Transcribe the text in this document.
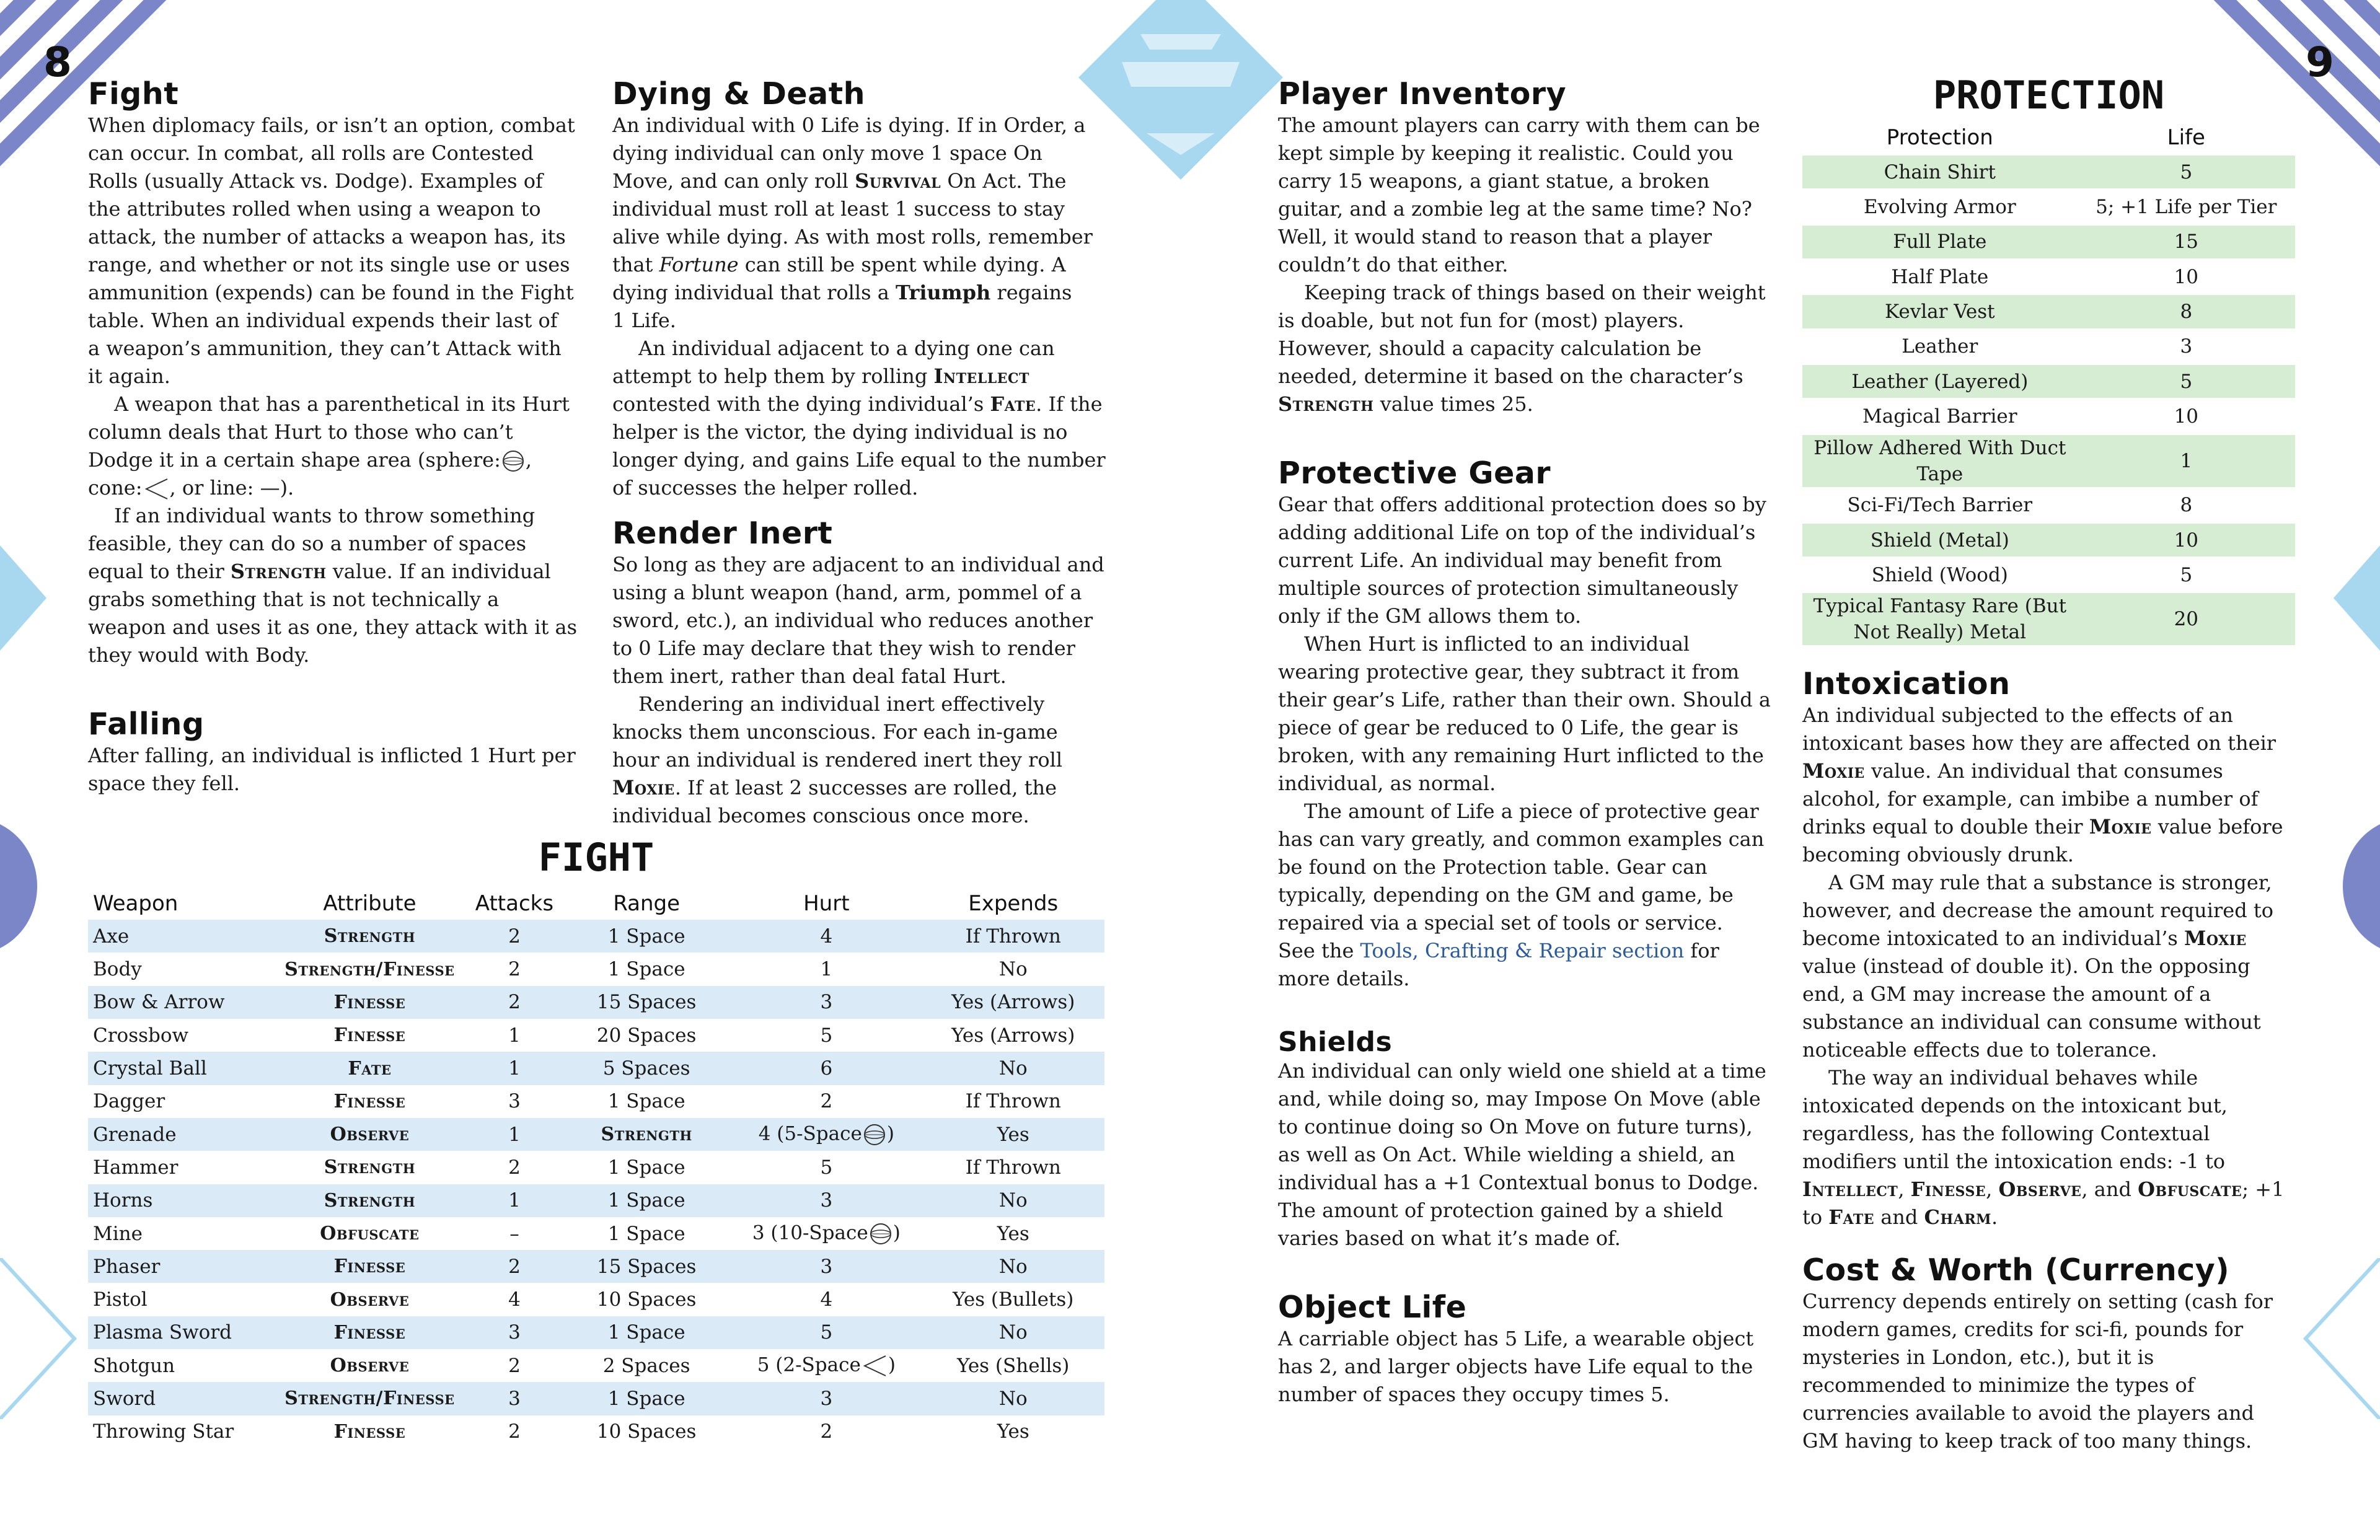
8	9
Fight

When diplomacy fails, or isn’t an option, combat can occur. In combat, all rolls are Contested Rolls (usually Attack vs. Dodge). Examples of the attributes rolled when using a weapon to attack, the number of attacks a weapon has, its range, and whether or not its single use or uses ammunition (expends) can be found in the Fight table. When an individual expends their last of a weapon’s ammunition, they can’t Attack with it again.

A weapon that has a parenthetical in its Hurt column deals that Hurt to those who can’t Dodge it in a certain shape area (sphere: , cone: , or line: —).

If an individual wants to throw something feasible, they can do so a number of spaces equal to their Strength value. If an individual grabs something that is not technically a weapon and uses it as one, they attack with it as they would with Body.

Falling

After falling, an individual is inflicted 1 Hurt per space they fell.

Dying & Death

An individual with 0 Life is dying. If in Order, a dying individual can only move 1 space On Move, and can only roll Survival On Act. The individual must roll at least 1 success to stay alive while dying. As with most rolls, remember that Fortune can still be spent while dying. A dying individual that rolls a Triumph regains 1 Life.

An individual adjacent to a dying one can attempt to help them by rolling Intellect contested with the dying individual’s Fate. If the helper is the victor, the dying individual is no longer dying, and gains Life equal to the number of successes the helper rolled.

Render Inert

So long as they are adjacent to an individual and using a blunt weapon (hand, arm, pommel of a sword, etc.), an individual who reduces another to 0 Life may declare that they wish to render them inert, rather than deal fatal Hurt.

Rendering an individual inert effectively knocks them unconscious. For each in-game hour an individual is rendered inert they roll Moxie. If at least 2 successes are rolled, the individual becomes conscious once more.

FIGHT
Weapon	Attribute	Attacks	Range	Hurt	Expends
Axe	Strength	2	1 Space	4	If Thrown
Body	Strength/Finesse	2	1 Space	1	No
Bow & Arrow	Finesse	2	15 Spaces	3	Yes (Arrows)
Crossbow	Finesse	1	20 Spaces	5	Yes (Arrows)
Crystal Ball	Fate	1	5 Spaces	6	No
Dagger	Finesse	3	1 Space	2	If Thrown
Grenade	Observe	1	Strength	4 (5-Space )	Yes
Hammer	Strength	2	1 Space	5	If Thrown
Horns	Strength	1	1 Space	3	No
Mine	Obfuscate	–	1 Space	3 (10-Space )	Yes
Phaser	Finesse	2	15 Spaces	3	No
Pistol	Observe	4	10 Spaces	4	Yes (Bullets)
Plasma Sword	Finesse	3	1 Space	5	No
Shotgun	Observe	2	2 Spaces	5 (2-Space )	Yes (Shells)
Sword	Strength/Finesse	3	1 Space	3	No
Throwing Star	Finesse	2	10 Spaces	2	Yes
Player Inventory

The amount players can carry with them can be kept simple by keeping it realistic. Could you carry 15 weapons, a giant statue, a broken guitar, and a zombie leg at the same time? No? Well, it would stand to reason that a player couldn’t do that either.

Keeping track of things based on their weight is doable, but not fun for (most) players. However, should a capacity calculation be needed, determine it based on the character’s Strength value times 25.

Protective Gear

Gear that offers additional protection does so by adding additional Life on top of the individual’s current Life. An individual may benefit from multiple sources of protection simultaneously only if the GM allows them to.

When Hurt is inflicted to an individual wearing protective gear, they subtract it from their gear’s Life, rather than their own. Should a piece of gear be reduced to 0 Life, the gear is broken, with any remaining Hurt inflicted to the individual, as normal.

The amount of Life a piece of protective gear has can vary greatly, and common examples can be found on the Protection table. Gear can typically, depending on the GM and game, be repaired via a special set of tools or service. See the Tools, Crafting & Repair section for more details.

Shields

An individual can only wield one shield at a time and, while doing so, may Impose On Move (able to continue doing so On Move on future turns), as well as On Act. While wielding a shield, an individual has a +1 Contextual bonus to Dodge. The amount of protection gained by a shield varies based on what it’s made of.

Object Life

A carriable object has 5 Life, a wearable object has 2, and larger objects have Life equal to the number of spaces they occupy times 5.

PROTECTION
Protection	Life
Chain Shirt	5
Evolving Armor	5; +1 Life per Tier
Full Plate	15
Half Plate	10
Kevlar Vest	8
Leather	3
Leather (Layered)	5
Magical Barrier	10
Pillow Adhered With Duct Tape	1
Sci-Fi/Tech Barrier	8
Shield (Metal)	10
Shield (Wood)	5
Typical Fantasy Rare (But Not Really) Metal	20
Intoxication

An individual subjected to the effects of an intoxicant bases how they are affected on their Moxie value. An individual that consumes alcohol, for example, can imbibe a number of drinks equal to double their Moxie value before becoming obviously drunk.

A GM may rule that a substance is stronger, however, and decrease the amount required to become intoxicated to an individual’s Moxie value (instead of double it). On the opposing end, a GM may increase the amount of a substance an individual can consume without noticeable effects due to tolerance.

The way an individual behaves while intoxicated depends on the intoxicant but, regardless, has the following Contextual modifiers until the intoxication ends: -1 to Intellect, Finesse, Observe, and Obfuscate; +1 to Fate and Charm.

Cost & Worth (Currency)

Currency depends entirely on setting (cash for modern games, credits for sci-fi, pounds for mysteries in London, etc.), but it is recommended to minimize the types of currencies available to avoid the players and GM having to keep track of too many things.
